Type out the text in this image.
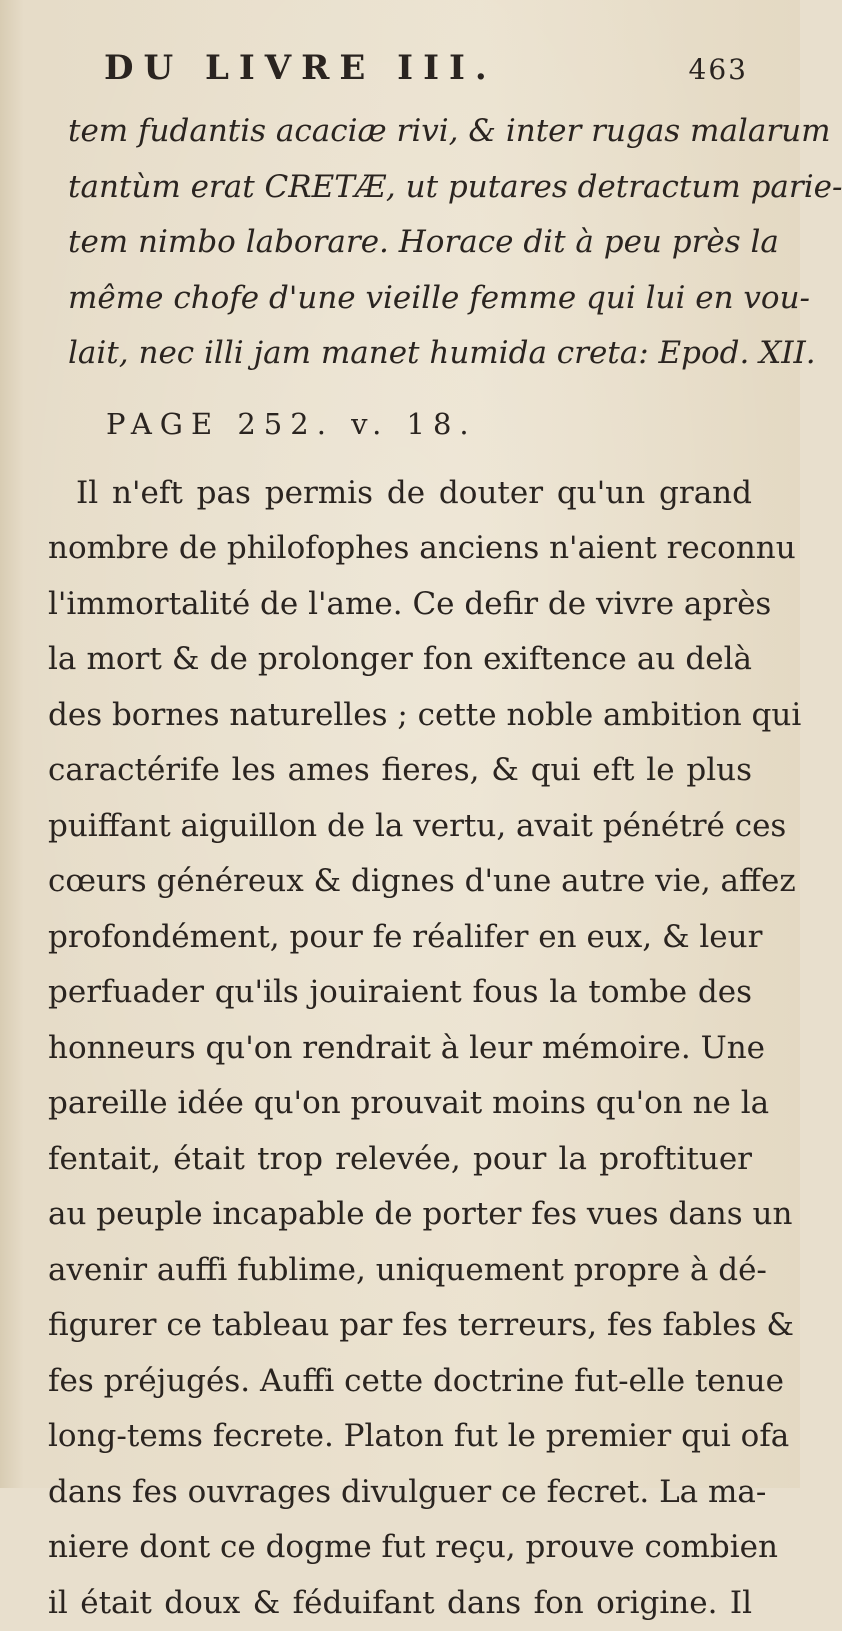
DU LIVRE III.	463
tem fudantis acaciæ rivi, & inter rugas malarum
tantùm erat CRETÆ, ut putares detractum parie-
tem nimbo laborare. Horace dit à peu près la
même chofe d'une vieille femme qui lui en vou-
lait, nec illi jam manet humida creta: Epod. XII.
PAGE 252. v. 18.
Il n'eft pas permis de douter qu'un grand
nombre de philofophes anciens n'aient reconnu
l'immortalité de l'ame. Ce defir de vivre après
la mort & de prolonger fon exiftence au delà
des bornes naturelles ; cette noble ambition qui
caractérife les ames fieres, & qui eft le plus
puiffant aiguillon de la vertu, avait pénétré ces
cœurs généreux & dignes d'une autre vie, affez
profondément, pour fe réalifer en eux, & leur
perfuader qu'ils jouiraient fous la tombe des
honneurs qu'on rendrait à leur mémoire. Une
pareille idée qu'on prouvait moins qu'on ne la
fentait, était trop relevée, pour la proftituer
au peuple incapable de porter fes vues dans un
avenir auffi fublime, uniquement propre à dé-
figurer ce tableau par fes terreurs, fes fables &
fes préjugés. Auffi cette doctrine fut-elle tenue
long-tems fecrete. Platon fut le premier qui ofa
dans fes ouvrages divulguer ce fecret. La ma-
niere dont ce dogme fut reçu, prouve combien
il était doux & féduifant dans fon origine. Il
